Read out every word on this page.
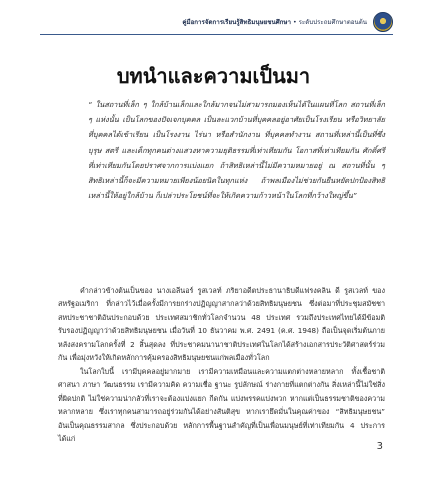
คู่มือการจัดการเรียนรู้สิทธิมนุษยชนศึกษา • ระดับประถมศึกษาตอนต้น
บทนำและความเป็นมา

“ ในสถานที่เล็ก ๆ ใกล้บ้านเล็กและใกล้มากจนไม่สามารถมองเห็นได้ในแผนที่โลก สถานที่เล็ก ๆ แห่งนั้น เป็นโลกของปัจเจกบุคคล เป็นละแวกบ้านที่บุคคลอยู่อาศัยเป็นโรงเรียน หรือวิทยาลัยที่บุคคลได้เข้าเรียน เป็นโรงงาน ไร่นา หรือสำนักงาน ที่บุคคลทำงาน สถานที่เหล่านี้เป็นที่ซึ่งบุรุษ สตรี และเด็กทุกคนต่างแสวงหาความยุติธรรมที่เท่าเทียมกัน โอกาสที่เท่าเทียมกัน ศักดิ์ศรีที่เท่าเทียมกันโดยปราศจากการแบ่งแยก ถ้าสิทธิเหล่านี้ไม่มีความหมายอยู่ ณ สถานที่นั้น ๆ สิทธิเหล่านี้ก็จะมีความหมายเพียงน้อยนิดในทุกแห่ง ถ้าพลเมืองไม่ช่วยกันยืนหยัดปกป้องสิทธิเหล่านี้ให้อยู่ใกล้บ้าน ก็เปล่าประโยชน์ที่จะให้เกิดความก้าวหน้าในโลกที่กว้างใหญ่ขึ้น”

คำกล่าวข้างต้นเป็นของ นางเอลีนอร์ รูสเวลท์ ภริยาอดีตประธานาธิบดีแฟรงคลิน ดี รูสเวลท์ ของสหรัฐอเมริกา ที่กล่าวไว้เมื่อครั้งมีการยกร่างปฏิญญาสากลว่าด้วยสิทธิมนุษยชน ซึ่งต่อมาที่ประชุมสมัชชาสหประชาชาติอันประกอบด้วย ประเทศสมาชิกทั่วโลกจำนวน 48 ประเทศ รวมถึงประเทศไทยได้มีข้อมติรับรองปฏิญญาว่าด้วยสิทธิมนุษยชน เมื่อวันที่ 10 ธันวาคม พ.ศ. 2491 (ค.ศ. 1948) ถือเป็นจุดเริ่มต้นภายหลังสงครามโลกครั้งที่ 2 สิ้นสุดลง ที่ประชาคมนานาชาติประเทศในโลกได้สร้างเอกสารประวัติศาสตร์ร่วมกัน เพื่อมุ่งหวังให้เกิดหลักการคุ้มครองสิทธิมนุษยชนแก่พลเมืองทั่วโลก

ในโลกใบนี้ เรามีบุคคลอยู่มากมาย เรามีความเหมือนและความแตกต่างหลายหลาก ทั้งเชื้อชาติ ศาสนา ภาษา วัฒนธรรม เรามีความคิด ความเชื่อ ฐานะ รูปลักษณ์ ร่างกายที่แตกต่างกัน สิ่งเหล่านี้ไม่ใช่สิ่งที่ผิดปกติ ไม่ใช่ความน่ากลัวที่เราจะต้องแบ่งแยก กีดกัน แบ่งพรรคแบ่งพวก หากแต่เป็นธรรมชาติของความหลากหลาย ซึ่งเราทุกคนสามารถอยู่ร่วมกันได้อย่างสันติสุข หากเรายึดมั่นในคุณค่าของ “สิทธิมนุษยชน” อันเป็นคุณธรรมสากล ซึ่งประกอบด้วย หลักการพื้นฐานสำคัญที่เป็นเพื่อนมนุษย์ที่เท่าเทียมกัน 4 ประการ ได้แก่

3
